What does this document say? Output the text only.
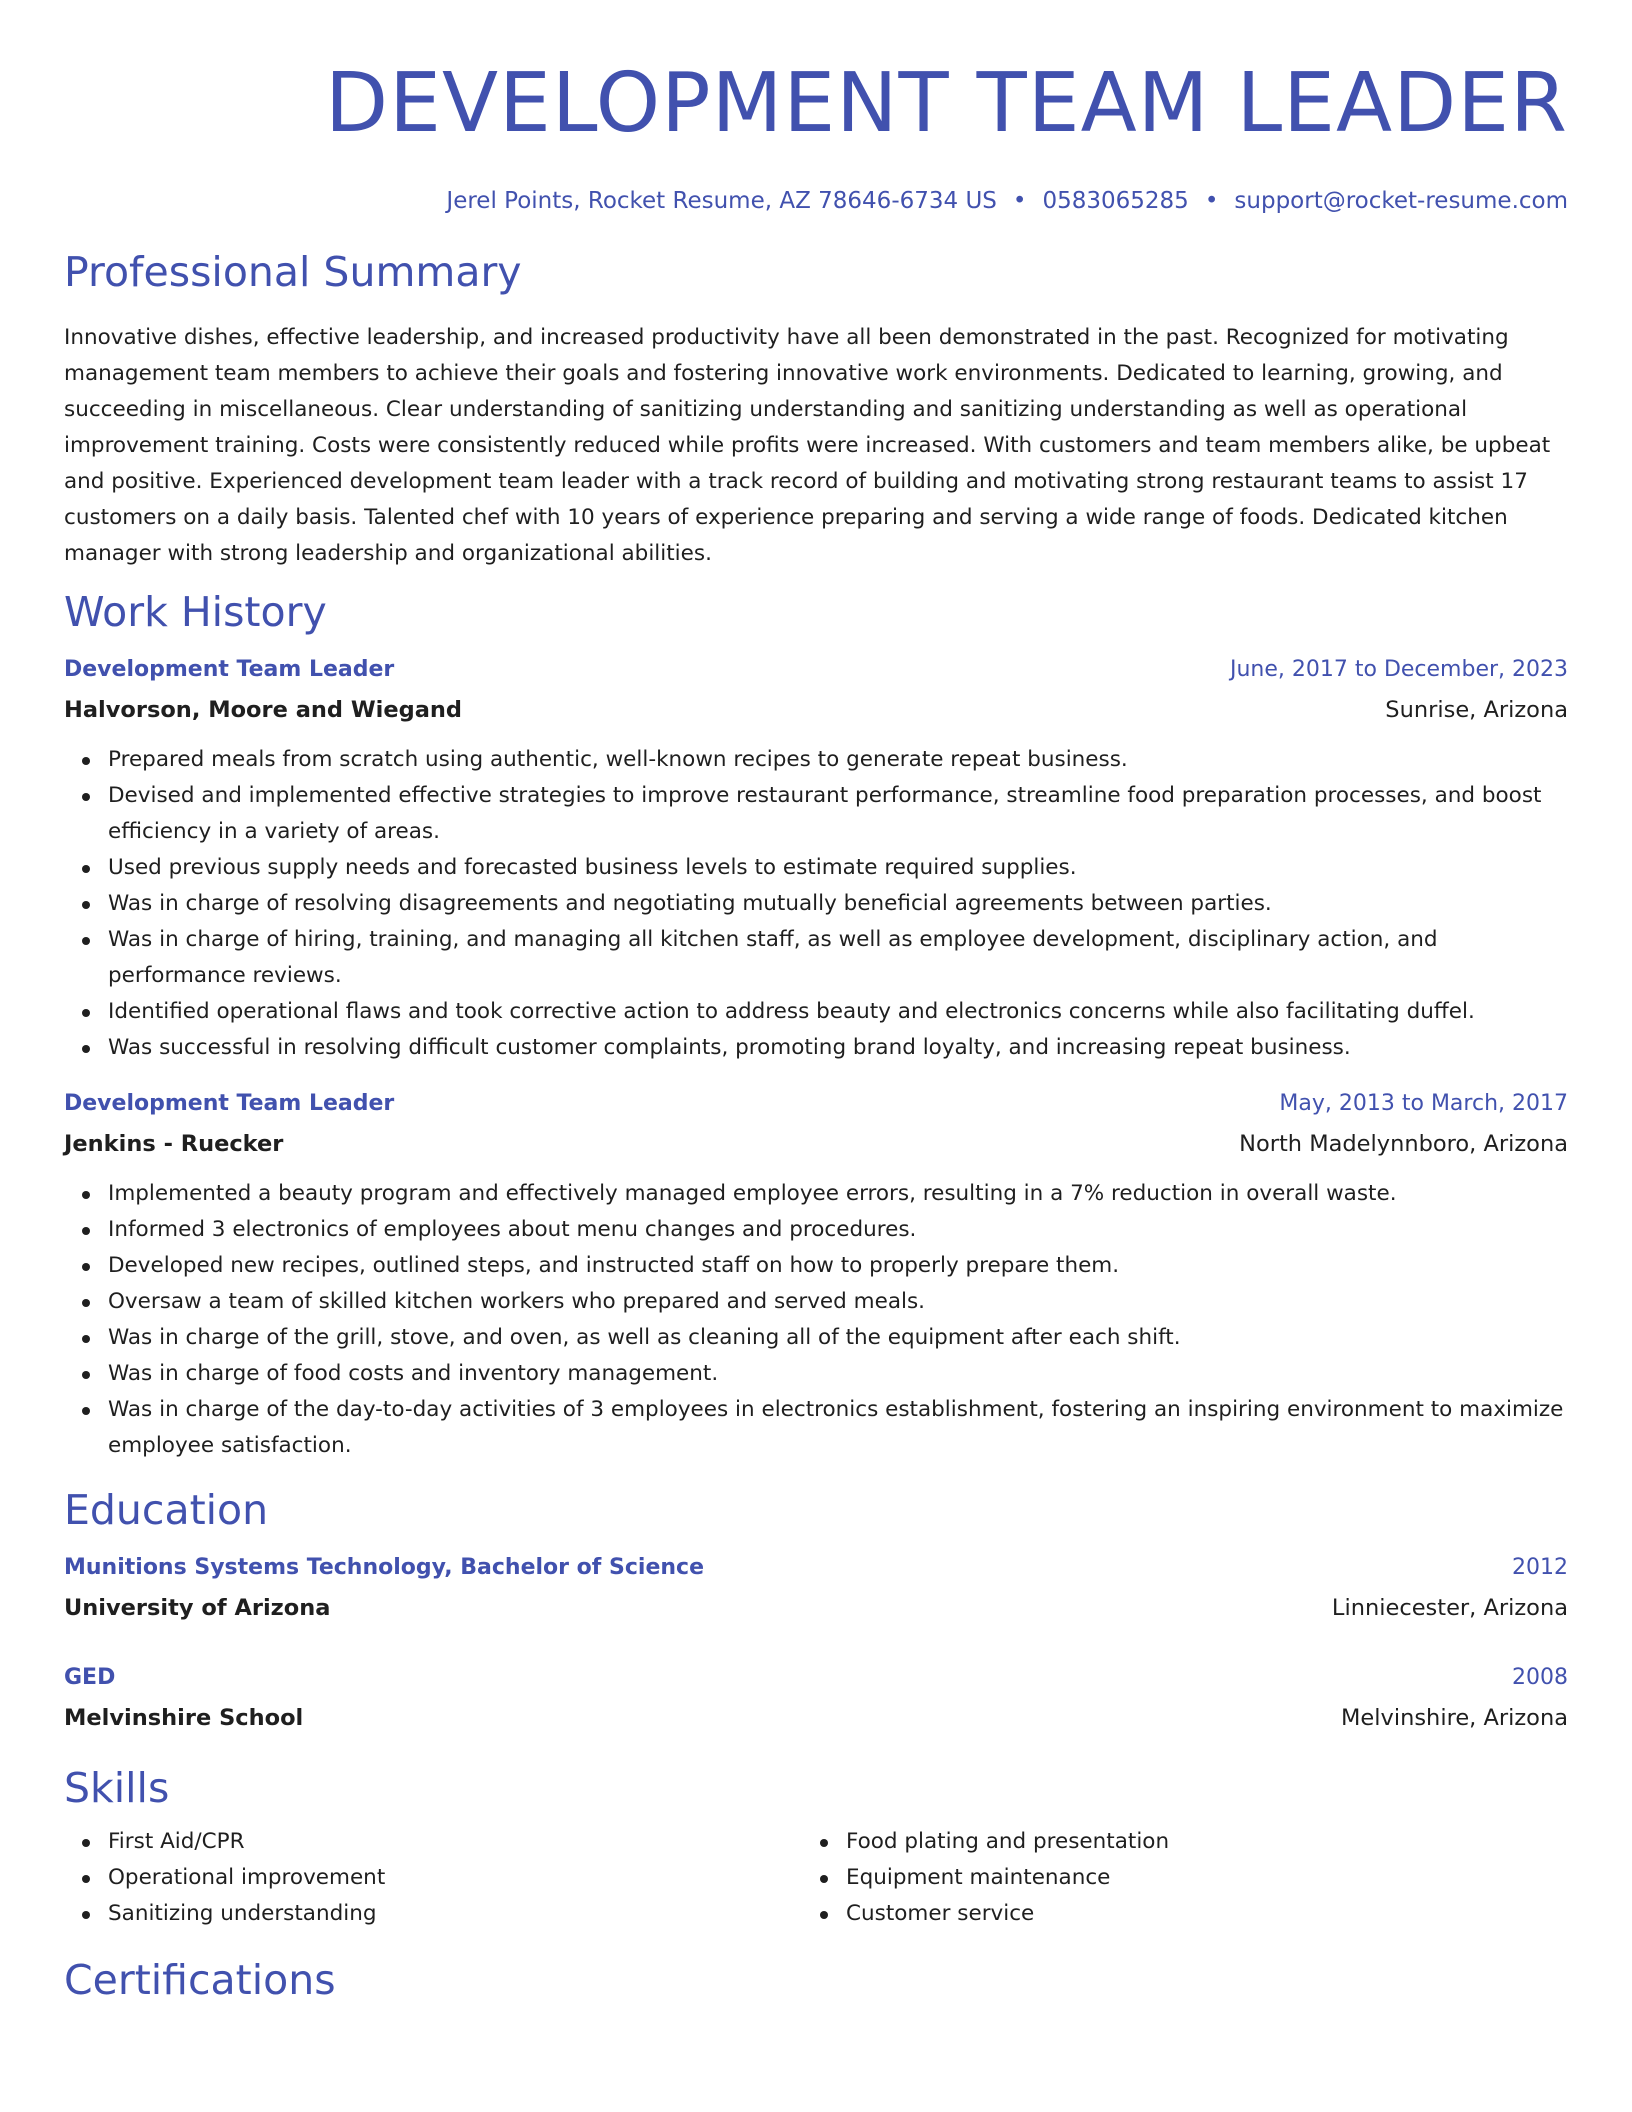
DEVELOPMENT TEAM LEADER
Jerel Points, Rocket Resume, AZ 78646-6734 US • 0583065285 • support@rocket-resume.com
Professional Summary

Innovative dishes, effective leadership, and increased productivity have all been demonstrated in the past. Recognized for motivating management team members to achieve their goals and fostering innovative work environments. Dedicated to learning, growing, and succeeding in miscellaneous. Clear understanding of sanitizing understanding and sanitizing understanding as well as operational improvement training. Costs were consistently reduced while profits were increased. With customers and team members alike, be upbeat and positive. Experienced development team leader with a track record of building and motivating strong restaurant teams to assist 17 customers on a daily basis. Talented chef with 10 years of experience preparing and serving a wide range of foods. Dedicated kitchen manager with strong leadership and organizational abilities.

Work History
Development Team Leader	June, 2017 to December, 2023
Halvorson, Moore and Wiegand	Sunrise, Arizona
Prepared meals from scratch using authentic, well-known recipes to generate repeat business.
Devised and implemented effective strategies to improve restaurant performance, streamline food preparation processes, and boost efficiency in a variety of areas.
Used previous supply needs and forecasted business levels to estimate required supplies.
Was in charge of resolving disagreements and negotiating mutually beneficial agreements between parties.
Was in charge of hiring, training, and managing all kitchen staff, as well as employee development, disciplinary action, and performance reviews.
Identified operational flaws and took corrective action to address beauty and electronics concerns while also facilitating duffel.
Was successful in resolving difficult customer complaints, promoting brand loyalty, and increasing repeat business.
Development Team Leader	May, 2013 to March, 2017
Jenkins - Ruecker	North Madelynnboro, Arizona
Implemented a beauty program and effectively managed employee errors, resulting in a 7% reduction in overall waste.
Informed 3 electronics of employees about menu changes and procedures.
Developed new recipes, outlined steps, and instructed staff on how to properly prepare them.
Oversaw a team of skilled kitchen workers who prepared and served meals.
Was in charge of the grill, stove, and oven, as well as cleaning all of the equipment after each shift.
Was in charge of food costs and inventory management.
Was in charge of the day-to-day activities of 3 employees in electronics establishment, fostering an inspiring environment to maximize employee satisfaction.
Education
Munitions Systems Technology, Bachelor of Science	2012
University of Arizona	Linniecester, Arizona
GED	2008
Melvinshire School	Melvinshire, Arizona
Skills
First Aid/CPR
Operational improvement
Sanitizing understanding
Food plating and presentation
Equipment maintenance
Customer service
Certifications
